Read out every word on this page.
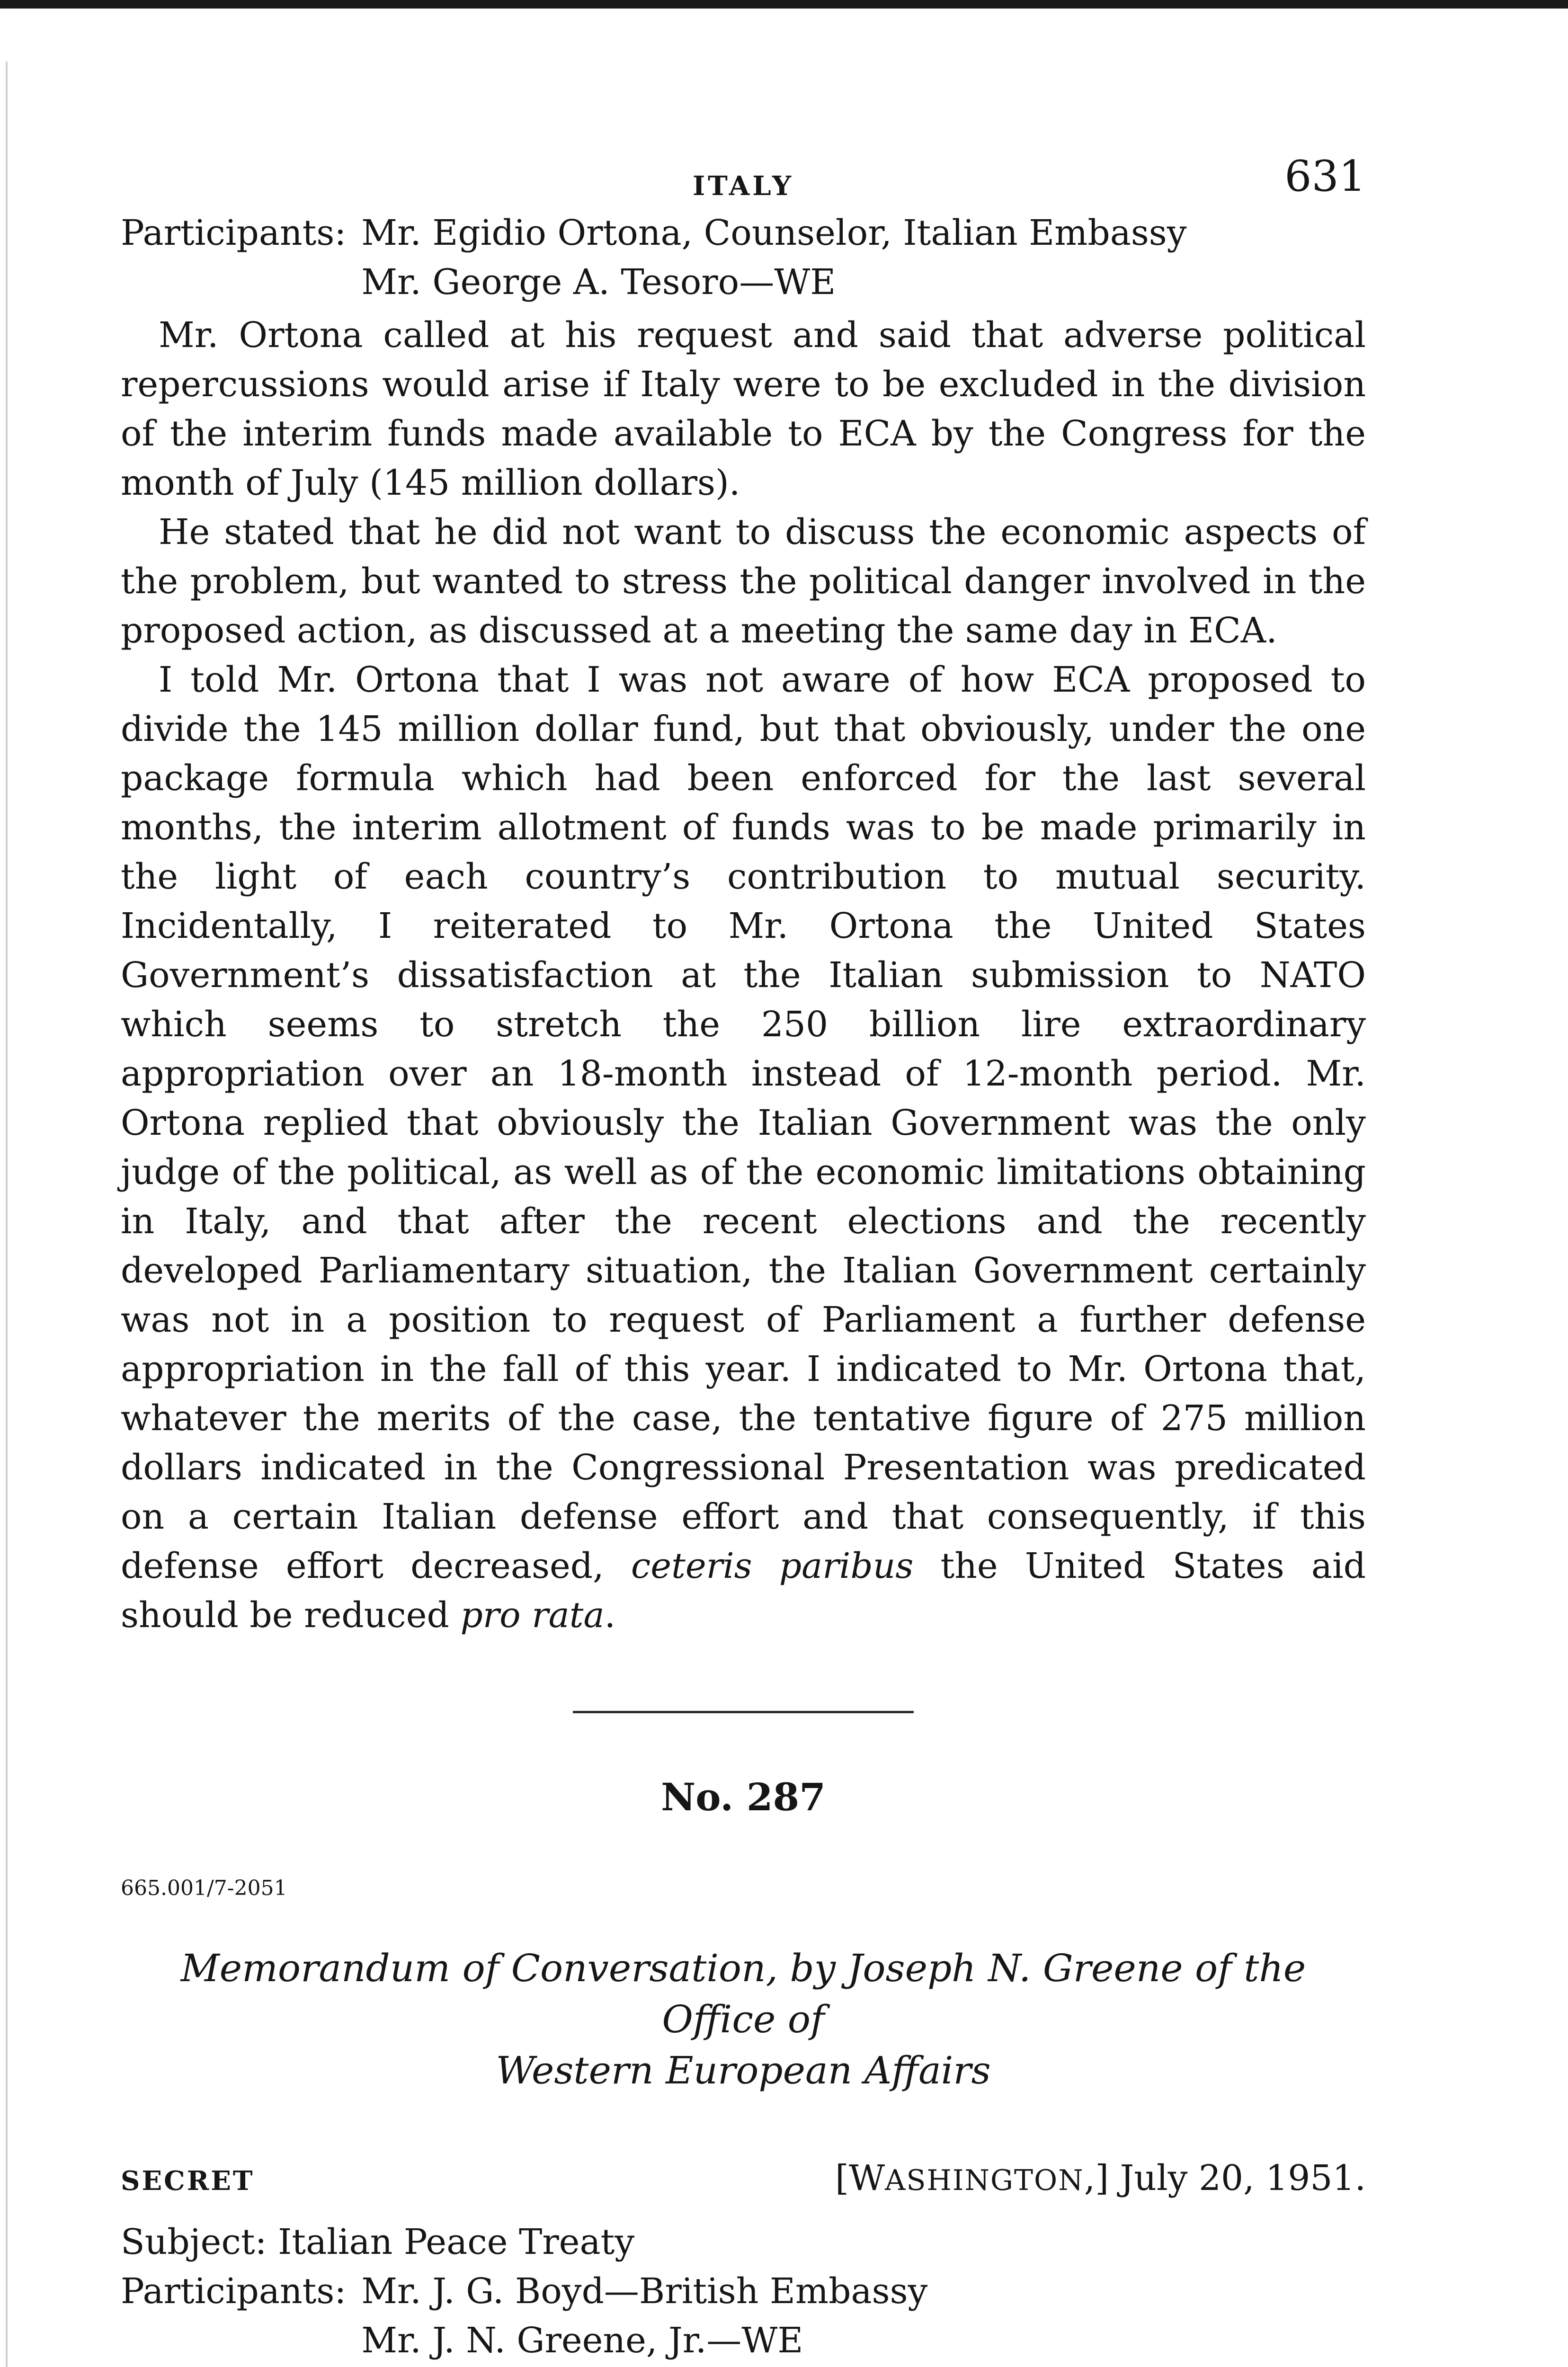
ITALY	631
Participants: Mr. Egidio Ortona, Counselor, Italian Embassy
Mr. George A. Tesoro—WE

Mr. Ortona called at his request and said that adverse political repercussions would arise if Italy were to be excluded in the division of the interim funds made available to ECA by the Congress for the month of July (145 million dollars).

He stated that he did not want to discuss the economic aspects of the problem, but wanted to stress the political danger involved in the proposed action, as discussed at a meeting the same day in ECA.

I told Mr. Ortona that I was not aware of how ECA proposed to divide the 145 million dollar fund, but that obviously, under the one package formula which had been enforced for the last several months, the interim allotment of funds was to be made primarily in the light of each country’s contribution to mutual security. Incidentally, I reiterated to Mr. Ortona the United States Government’s dissatisfaction at the Italian submission to NATO which seems to stretch the 250 billion lire extraordinary appropriation over an 18-month instead of 12-month period. Mr. Ortona replied that obviously the Italian Government was the only judge of the political, as well as of the economic limitations obtaining in Italy, and that after the recent elections and the recently developed Parliamentary situation, the Italian Government certainly was not in a position to request of Parliament a further defense appropriation in the fall of this year. I indicated to Mr. Ortona that, whatever the merits of the case, the tentative figure of 275 million dollars indicated in the Congressional Presentation was predicated on a certain Italian defense effort and that consequently, if this defense effort decreased, ceteris paribus the United States aid should be reduced pro rata.

No. 287
665.001/7-2051
Memorandum of Conversation, by Joseph N. Greene of the Office of
Western European Affairs
SECRET	[WASHINGTON,] July 20, 1951.
Subject: Italian Peace Treaty
Participants: Mr. J. G. Boyd—British Embassy
Mr. J. N. Greene, Jr.—WE
